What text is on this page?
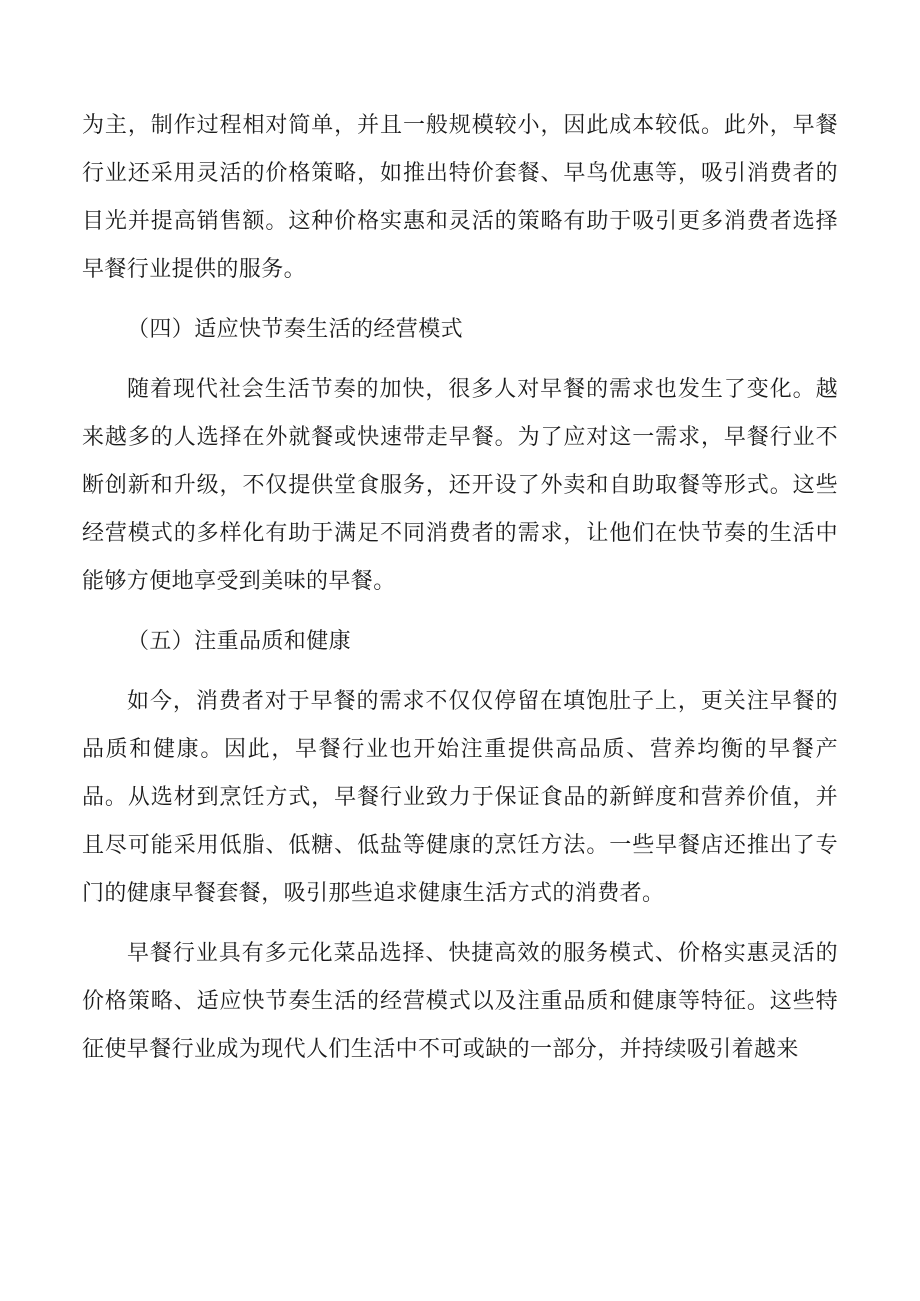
为主，制作过程相对简单，并且一般规模较小，因此成本较低。此外，早餐行业还采用灵活的价格策略，如推出特价套餐、早鸟优惠等，吸引消费者的目光并提高销售额。这种价格实惠和灵活的策略有助于吸引更多消费者选择早餐行业提供的服务。

（四）适应快节奏生活的经营模式

随着现代社会生活节奏的加快，很多人对早餐的需求也发生了变化。越来越多的人选择在外就餐或快速带走早餐。为了应对这一需求，早餐行业不断创新和升级，不仅提供堂食服务，还开设了外卖和自助取餐等形式。这些经营模式的多样化有助于满足不同消费者的需求，让他们在快节奏的生活中能够方便地享受到美味的早餐。

（五）注重品质和健康

如今，消费者对于早餐的需求不仅仅停留在填饱肚子上，更关注早餐的品质和健康。因此，早餐行业也开始注重提供高品质、营养均衡的早餐产品。从选材到烹饪方式，早餐行业致力于保证食品的新鲜度和营养价值，并且尽可能采用低脂、低糖、低盐等健康的烹饪方法。一些早餐店还推出了专门的健康早餐套餐，吸引那些追求健康生活方式的消费者。

早餐行业具有多元化菜品选择、快捷高效的服务模式、价格实惠灵活的价格策略、适应快节奏生活的经营模式以及注重品质和健康等特征。这些特征使早餐行业成为现代人们生活中不可或缺的一部分，并持续吸引着越来
